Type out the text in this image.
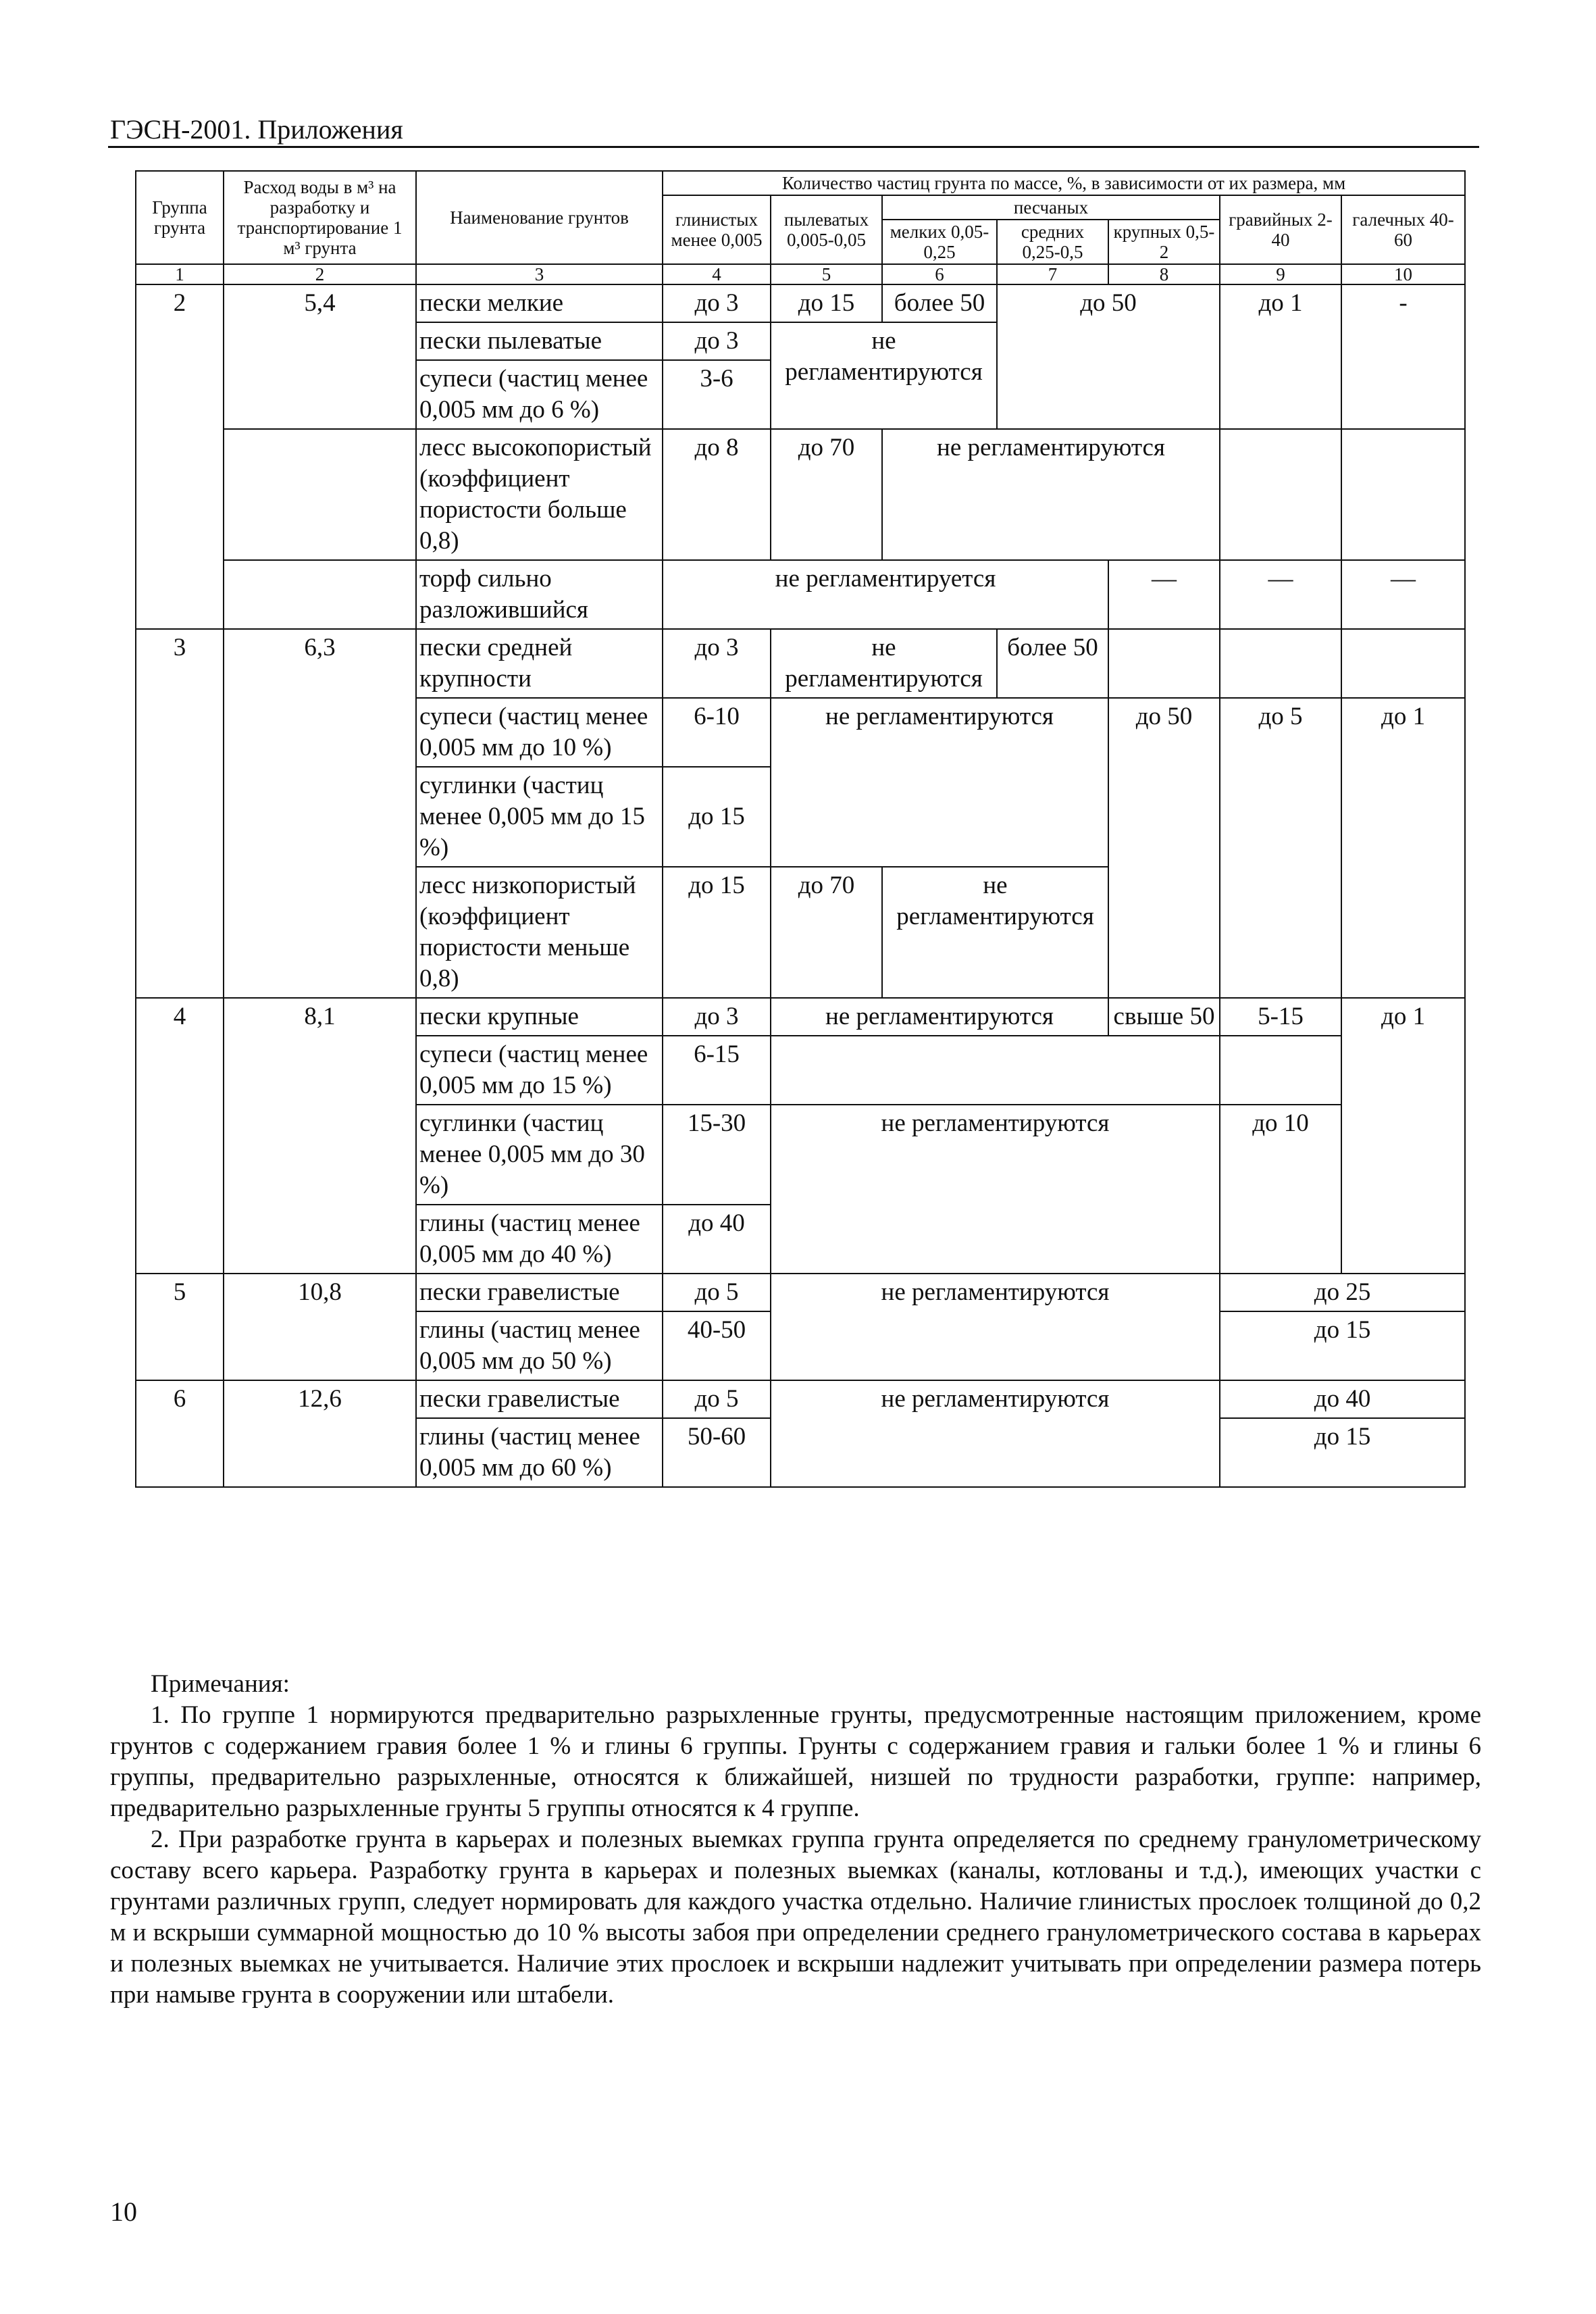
ГЭСН-2001. Приложения
Группа грунта	Расход воды в м³ на разработку и транспортирование 1 м³ грунта	Наименование грунтов	Количество частиц грунта по массе, %, в зависимости от их размера, мм						
			глинистых менее 0,005	пылеватых 0,005-0,05	песчаных			гравийных 2-40	галечных 40-60
					мелких 0,05-0,25	средних 0,25-0,5	крупных 0,5-2		
1	2	3	4	5	6	7	8	9	10
2	5,4	пески мелкие	до 3	до 15	более 50	до 50		до 1	-
		пески пылеватые	до 3	не регламентируются					
		супеси (частиц менее 0,005 мм до 6 %)	3-6						
		лесс высокопористый (коэффициент пористости больше 0,8)	до 8	до 70	не регламентируются				
		торф сильно разложившийся	не регламентируется				—	—	—
3	6,3	пески средней крупности	до 3	не регламентируются		более 50			
		супеси (частиц менее 0,005 мм до 10 %)	6-10	не регламентируются			до 50	до 5	до 1
		суглинки (частиц менее 0,005 мм до 15 %)	до 15						
		лесс низкопористый (коэффициент пористости меньше 0,8)	до 15	до 70	не регламентируются				
4	8,1	пески крупные	до 3	не регламентируются			свыше 50	5-15	до 1
		супеси (частиц менее 0,005 мм до 15 %)	6-15						
		суглинки (частиц менее 0,005 мм до 30 %)	15-30	не регламентируются				до 10	
		глины (частиц менее 0,005 мм до 40 %)	до 40						
5	10,8	пески гравелистые	до 5	не регламентируются				до 25	
		глины (частиц менее 0,005 мм до 50 %)	40-50					до 15	
6	12,6	пески гравелистые	до 5	не регламентируются				до 40	
		глины (частиц менее 0,005 мм до 60 %)	50-60					до 15	

Примечания:

1. По группе 1 нормируются предварительно разрыхленные грунты, предусмотренные настоящим приложением, кроме грунтов с содержанием гравия более 1 % и глины 6 группы. Грунты с содержанием гравия и гальки более 1 % и глины 6 группы, предварительно разрыхленные, относятся к ближайшей, низшей по трудности разработки, группе: например, предварительно разрыхленные грунты 5 группы относятся к 4 группе.

2. При разработке грунта в карьерах и полезных выемках группа грунта определяется по среднему гранулометрическому составу всего карьера. Разработку грунта в карьерах и полезных выемках (каналы, котлованы и т.д.), имеющих участки с грунтами различных групп, следует нормировать для каждого участка отдельно. Наличие глинистых прослоек толщиной до 0,2 м и вскрыши суммарной мощностью до 10 % высоты забоя при определении среднего гранулометрического состава в карьерах и полезных выемках не учитывается. Наличие этих прослоек и вскрыши надлежит учитывать при определении размера потерь при намыве грунта в сооружении или штабели.

10
